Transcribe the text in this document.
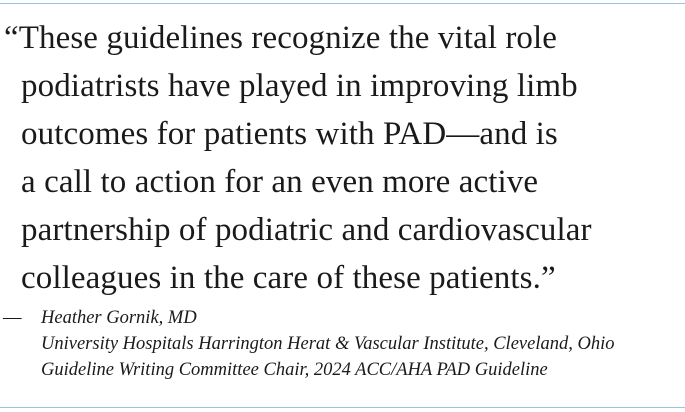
“These guidelines recognize the vital role
podiatrists have played in improving limb
outcomes for patients with PAD—and is
a call to action for an even more active
partnership of podiatric and cardiovascular
colleagues in the care of these patients.”
— Heather Gornik, MD
University Hospitals Harrington Herat & Vascular Institute, Cleveland, Ohio
Guideline Writing Committee Chair, 2024 ACC/AHA PAD Guideline
